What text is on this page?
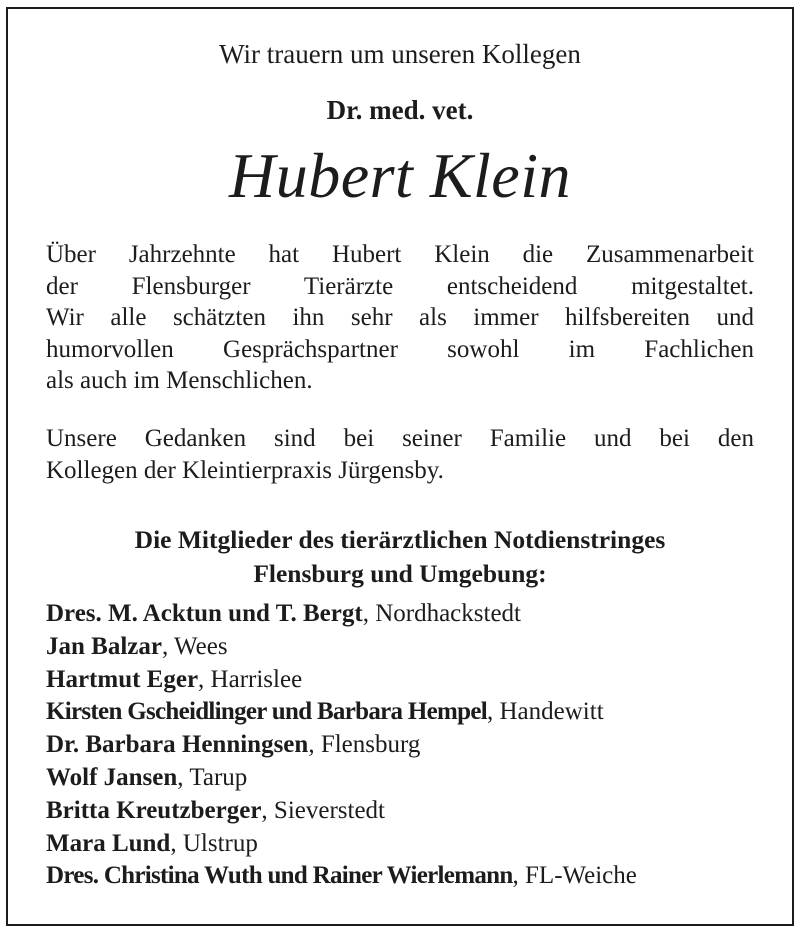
Wir trauern um unseren Kollegen
Dr. med. vet.
Hubert Klein
Über Jahrzehnte hat Hubert Klein die Zusammenarbeit
der Flensburger Tierärzte entscheidend mitgestaltet.
Wir alle schätzten ihn sehr als immer hilfsbereiten und
humorvollen Gesprächspartner sowohl im Fachlichen
als auch im Menschlichen.
Unsere Gedanken sind bei seiner Familie und bei den
Kollegen der Kleintierpraxis Jürgensby.
Die Mitglieder des tierärztlichen Notdienstringes
Flensburg und Umgebung:
Dres. M. Acktun und T. Bergt, Nordhackstedt
Jan Balzar, Wees
Hartmut Eger, Harrislee
Kirsten Gscheidlinger und Barbara Hempel, Handewitt
Dr. Barbara Henningsen, Flensburg
Wolf Jansen, Tarup
Britta Kreutzberger, Sieverstedt
Mara Lund, Ulstrup
Dres. Christina Wuth und Rainer Wierlemann, FL-Weiche
